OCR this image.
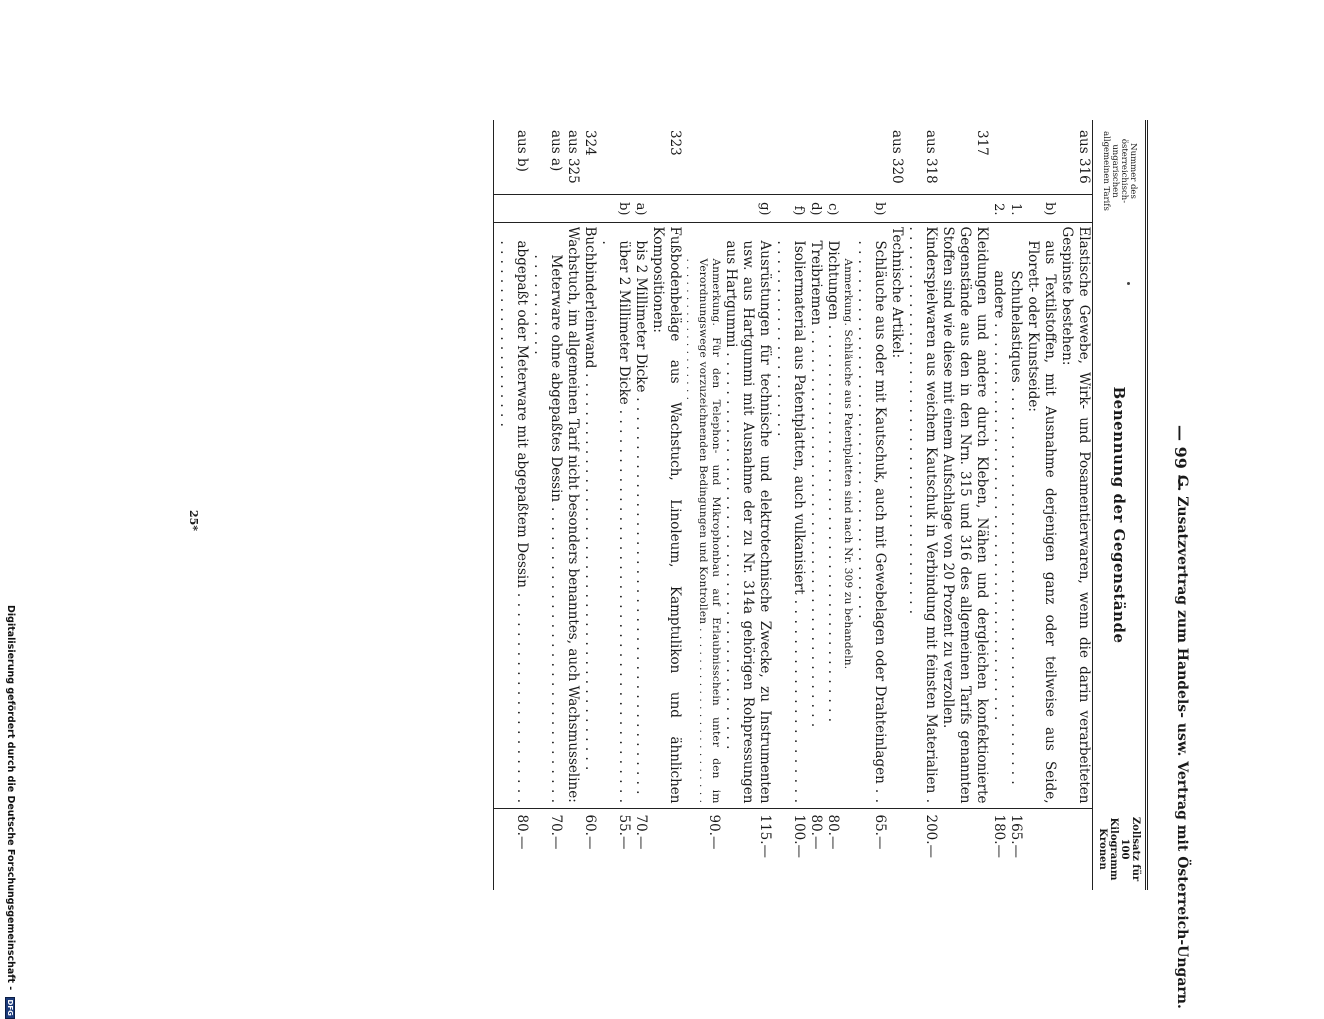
— 99 —
G. Zusatzvertrag zum Handels- usw. Vertrag mit Österreich-Ungarn.
Nummer des österreichisch-ungarischen allgemeinen Tarifs		Benennung der Gegenstände	Zollsatz für 100 Kilogramm Kronen
aus 316		Elastische Gewebe, Wirk- und Posamentierwaren, wenn die darin verarbeiteten Gespinste bestehen:	

	b)	aus Textilstoffen, mit Ausnahme derjenigen ganz oder teilweise aus Seide, Florett- oder Kunstseide:	

	1.	Schuhelastiques . . .	165.—
	2.	andere . . .	180.—
317		Kleidungen und andere durch Kleben, Nähen und dergleichen konfektionierte Gegenstände aus den in den Nrn. 315 und 316 des allgemeinen Tarifs genannten Stoffen sind wie diese mit einem Aufschlage von 20 Prozent zu verzollen.	

aus 318		Kinderspielwaren aus weichem Kautschuk in Verbindung mit feinsten Materialien . . .	200.—
aus 320		Technische Artikel:	

	b)	Schläuche aus oder mit Kautschuk, auch mit Gewebelagen oder Drahteinlagen . . .	65.—

		Anmerkung. Schläuche aus Patentplatten sind nach Nr. 309 zu behandeln.	

	c)	Dichtungen . . .	80.—
	d)	Treibriemen . . .	80.—
	f)	Isoliermaterial aus Patentplatten, auch vulkanisiert . . .	100.—
	g)	Ausrüstungen für technische und elektrotechnische Zwecke, zu Instrumenten usw. aus Hartgummi mit Ausnahme der zu Nr. 314a gehörigen Rohpressungen aus Hartgummi . . .	115.—

		Anmerkung. Für den Telephon- und Mikrophonbau auf Erlaubnisschein unter den im Verordnungswege vorzuzeichnenden Bedingungen und Kontrollen . . .	90.—
323		Fußbodenbeläge aus Wachstuch, Linoleum, Kamptulikon und ähnlichen Kompositionen:	

	a)	bis 2 Millimeter Dicke . . .	70.—
	b)	über 2 Millimeter Dicke . . .	55.—
324		Buchbinderleinwand . . .	60.—
aus 325		Wachstuch, im allgemeinen Tarif nicht besonders benanntes, auch Wachsmusseline:	

aus a)		Meterware ohne abgepaßtes Dessin . . .	70.—
aus b)		abgepaßt oder Meterware mit abgepaßtem Dessin . . .	80.—
25*
Digitalisierung gefördert durch die Deutsche Forschungsgemeinschaft - DFG
